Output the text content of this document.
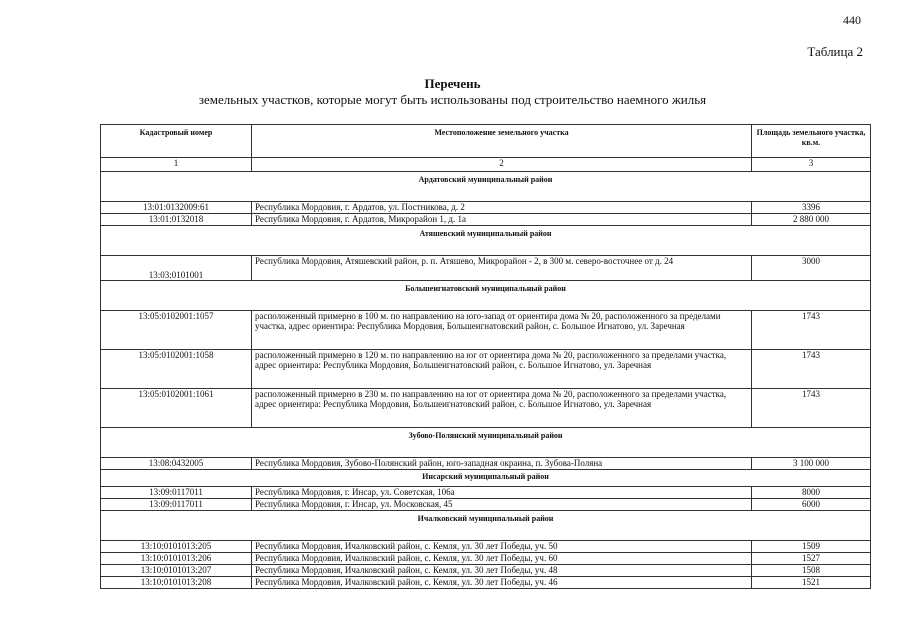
440
Таблица 2
Перечень
земельных участков, которые могут быть использованы под строительство наемного жилья
Кадастровый номер	Местоположение земельного участка	Площадь земельного участка, кв.м.
1	2	3
Ардатовский муниципальный район		
13:01:0132009:61	Республика Мордовия, г. Ардатов, ул. Постникова, д. 2	3396
13:01:0132018	Республика Мордовия, г. Ардатов, Микрорайон 1, д. 1а	2 880 000
Атяшевский муниципальный район		
13:03:0101001	Республика Мордовия, Атяшевский район, р. п. Атяшево, Микрорайон - 2, в 300 м. северо-восточнее от д. 24	3000
Большеигнатовский муниципальный район		
13:05:0102001:1057	расположенный примерно в 100 м. по направлению на юго-запад от ориентира дома № 20, расположенного за пределами участка, адрес ориентира: Республика Мордовия, Большеигнатовский район, с. Большое Игнатово, ул. Заречная	1743
13:05:0102001:1058	расположенный примерно в 120 м. по направлению на юг от ориентира дома № 20, расположенного за пределами участка, адрес ориентира: Республика Мордовия, Большеигнатовский район, с. Большое Игнатово, ул. Заречная	1743
13:05:0102001:1061	расположенный примерно в 230 м. по направлению на юг от ориентира дома № 20, расположенного за пределами участка, адрес ориентира: Республика Мордовия, Большеигнатовский район, с. Большое Игнатово, ул. Заречная	1743
Зубово-Полянский муниципальный район		
13:08:0432005	Республика Мордовия, Зубово-Полянский район, юго-западная окраина, п. Зубова-Поляна	3 100 000
Инсарский муниципальный район		
13:09:0117011	Республика Мордовия, г. Инсар, ул. Советская, 106а	8000
13:09:0117011	Республика Мордовия, г. Инсар, ул. Московская, 45	6000
Ичалковский муниципальный район		
13:10:0101013:205	Республика Мордовия, Ичалковский район, с. Кемля, ул. 30 лет Победы, уч. 50	1509
13:10:0101013:206	Республика Мордовия, Ичалковский район, с. Кемля, ул. 30 лет Победы, уч. 60	1527
13:10:0101013:207	Республика Мордовия, Ичалковский район, с. Кемля, ул. 30 лет Победы, уч. 48	1508
13:10:0101013:208	Республика Мордовия, Ичалковский район, с. Кемля, ул. 30 лет Победы, уч. 46	1521
